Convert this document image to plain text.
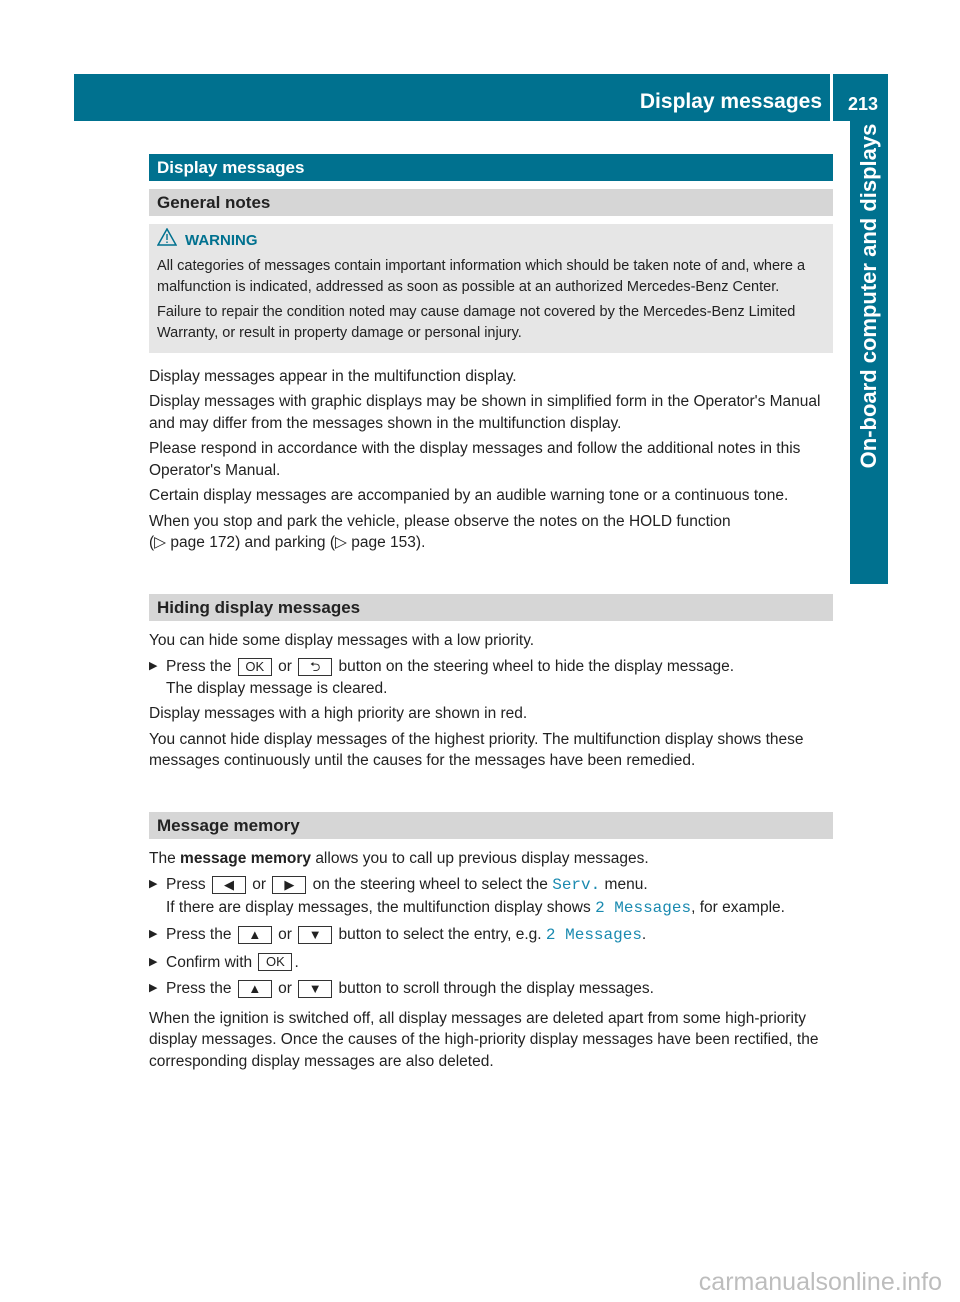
Display messages 213
On-board computer and displays
Display messages
General notes
WARNING

All categories of messages contain important information which should be taken note of and, where a malfunction is indicated, addressed as soon as possible at an authorized Mercedes-Benz Center.

Failure to repair the condition noted may cause damage not covered by the Mercedes-Benz Limited Warranty, or result in property damage or personal injury.

Display messages appear in the multifunction display.

Display messages with graphic displays may be shown in simplified form in the Operator's Manual and may differ from the messages shown in the multifunction display.

Please respond in accordance with the display messages and follow the additional notes in this Operator's Manual.

Certain display messages are accompanied by an audible warning tone or a continuous tone.

When you stop and park the vehicle, please observe the notes on the HOLD function
(▷ page 172) and parking (▷ page 153).

Hiding display messages

You can hide some display messages with a low priority.

▶ Press the OK or ⮌ button on the steering wheel to hide the display message.
The display message is cleared.

Display messages with a high priority are shown in red.

You cannot hide display messages of the highest priority. The multifunction display shows these messages continuously until the causes for the messages have been remedied.

Message memory

The message memory allows you to call up previous display messages.

▶ Press ◀ or ▶ on the steering wheel to select the Serv. menu.
If there are display messages, the multifunction display shows 2 Messages, for example.
▶ Press the ▲ or ▼ button to select the entry, e.g. 2 Messages.
▶ Confirm with OK .
▶ Press the ▲ or ▼ button to scroll through the display messages.

When the ignition is switched off, all display messages are deleted apart from some high-priority display messages. Once the causes of the high-priority display messages have been rectified, the corresponding display messages are also deleted.

carmanualsonline.info
